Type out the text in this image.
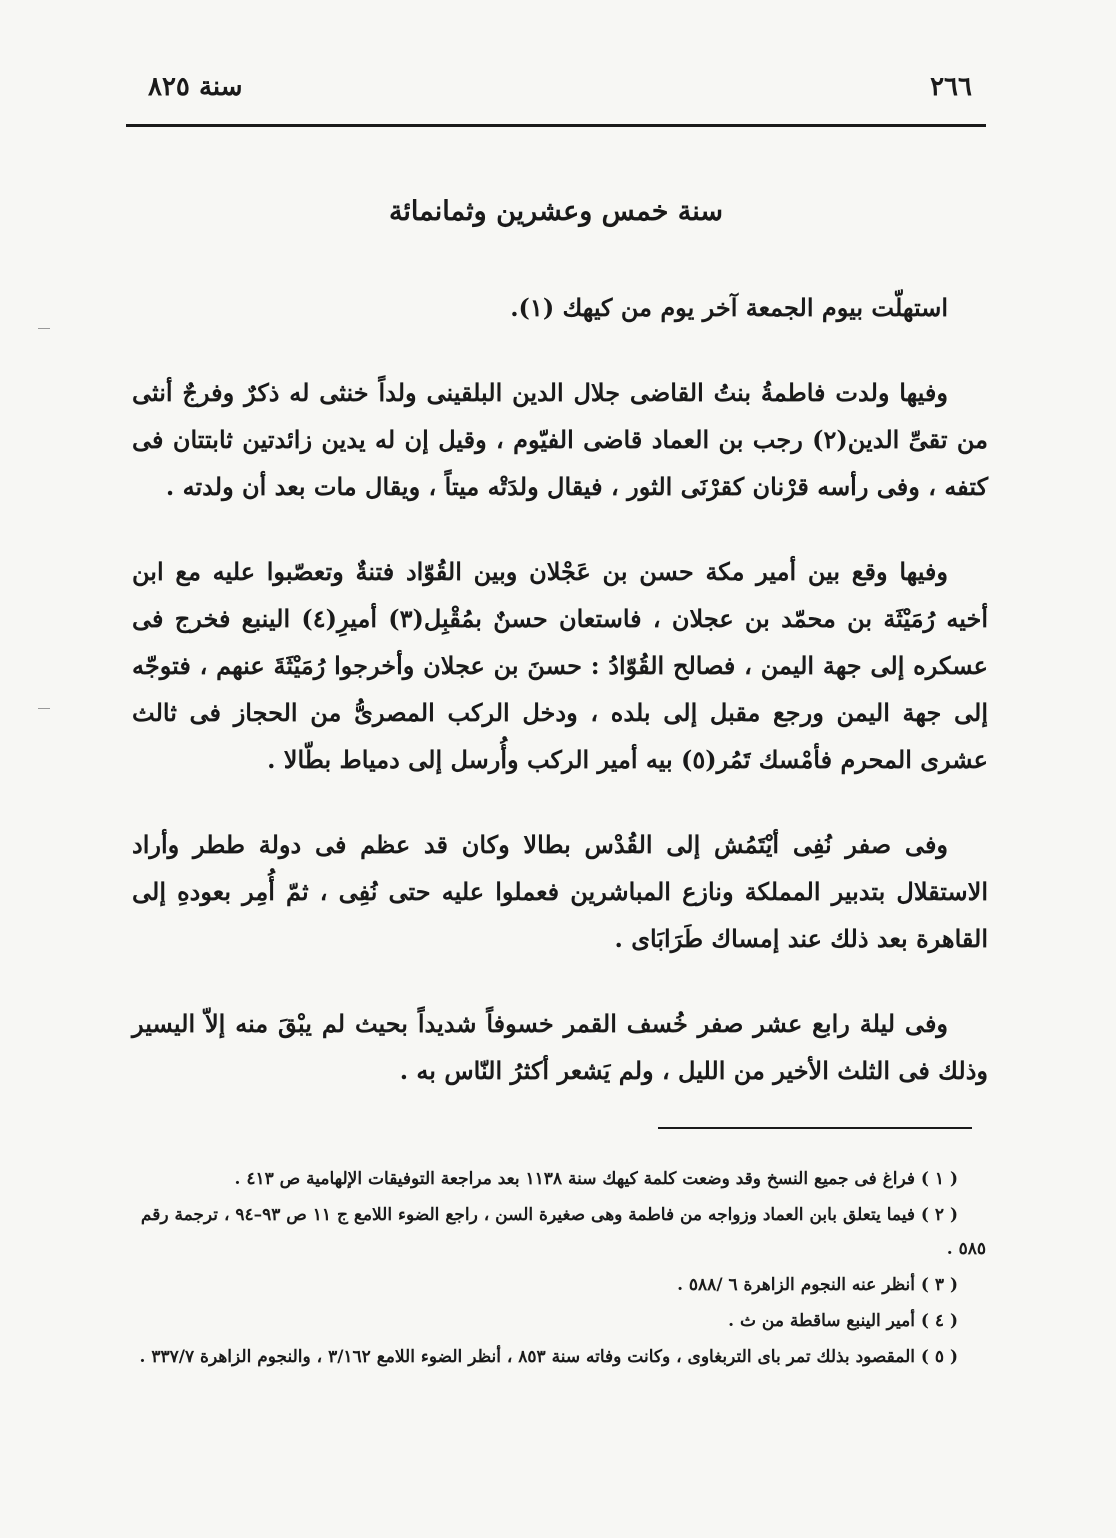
٢٦٦
سنة ٨٢٥
سنة خمس وعشرين وثمانمائة

استهلّت بيوم الجمعة آخر يوم من كيهك (١).

وفيها ولدت فاطمةُ بنتُ القاضى جلال الدين البلقينى ولداً خنثى له ذكرٌ وفرجٌ أنثى من تقىِّ الدين(٢) رجب بن العماد قاضى الفيّوم ، وقيل إن له يدين زائدتين ثابتتان فى كتفه ، وفى رأسه قرْنان كقرْنَى الثور ، فيقال ولدَتْه ميتاً ، ويقال مات بعد أن ولدته .

وفيها وقع بين أمير مكة حسن بن عَجْلان وبين القُوّاد فتنةٌ وتعصّبوا عليه مع ابن أخيه رُمَيْثَة بن محمّد بن عجلان ، فاستعان حسنٌ بمُقْبِل(٣) أميرِ(٤) الينبع فخرج فى عسكره إلى جهة اليمن ، فصالح القُوّادُ : حسنَ بن عجلان وأخرجوا رُمَيْثَةَ عنهم ، فتوجّه إلى جهة اليمن ورجع مقبل إلى بلده ، ودخل الركب المصرىُّ من الحجاز فى ثالث عشرى المحرم فأمْسك تَمُر(٥) بيه أمير الركب وأُرسل إلى دمياط بطّالا .

وفى صفر نُفِى أيْتَمُش إلى القُدْس بطالا وكان قد عظم فى دولة ططر وأراد الاستقلال بتدبير المملكة ونازع المباشرين فعملوا عليه حتى نُفِى ، ثمّ أُمِر بعودهِ إلى القاهرة بعد ذلك عند إمساك طَرَابَاى .

وفى ليلة رابع عشر صفر خُسف القمر خسوفاً شديداً بحيث لم يبْقَ منه إلاّ اليسير وذلك فى الثلث الأخير من الليل ، ولم يَشعر أكثرُ النّاس به .

( ١ ) فراغ فى جميع النسخ وقد وضعت كلمة كيهك سنة ١١٣٨ بعد مراجعة التوفيقات الإلهامية ص ٤١٣ .

( ٢ ) فيما يتعلق بابن العماد وزواجه من فاطمة وهى صغيرة السن ، راجع الضوء اللامع ج ١١ ص ٩٣–٩٤ ، ترجمة رقم ٥٨٥ .

( ٣ ) أنظر عنه النجوم الزاهرة ٦ /٥٨٨ .

( ٤ ) أمير الينبع ساقطة من ث .

( ٥ ) المقصود بذلك تمر باى التربغاوى ، وكانت وفاته سنة ٨٥٣ ، أنظر الضوء اللامع ٣/١٦٢ ، والنجوم الزاهرة ٣٣٧/٧ .
